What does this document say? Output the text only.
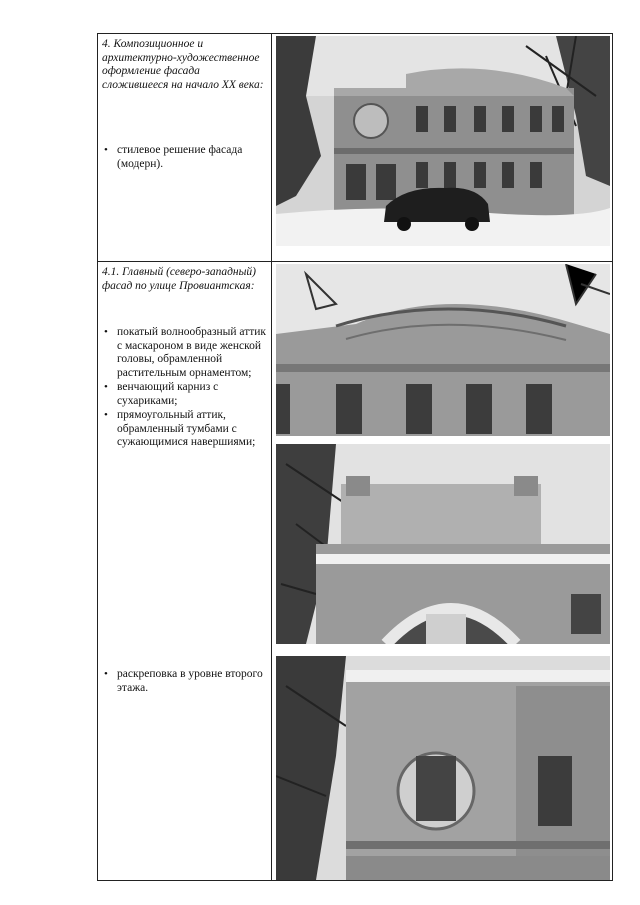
4. Композиционное и архитектурно-художественное оформление фасада сложившееся на начало XX века:
• стилевое решение фасада (модерн).
4.1. Главный (северо-западный) фасад по улице Провиантская:
• покатый волнообразный аттик с маскароном в виде женской головы, обрамленной растительным орнаментом;
• венчающий карниз с сухариками;
• прямоугольный аттик, обрамленный тумбами с сужающимися навершиями;
• раскреповка в уровне второго этажа.
